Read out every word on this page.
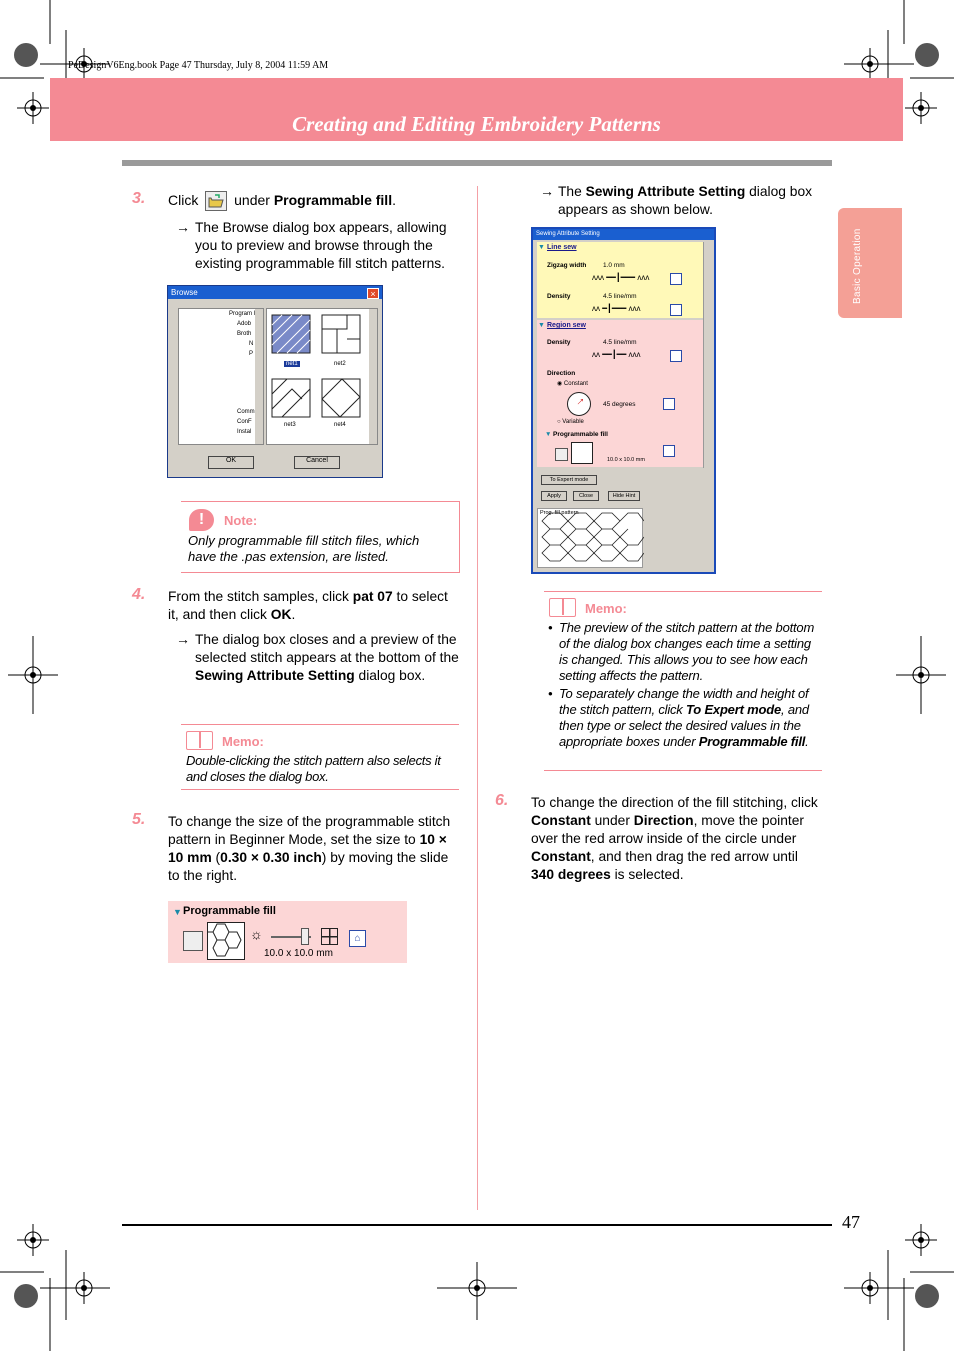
PeDesignV6Eng.book Page 47 Thursday, July 8, 2004 11:59 AM
Creating and Editing Embroidery Patterns
Basic Operation
3. Click	under Programmable fill.
→ The Browse dialog box appears, allowing you to preview and browse through the existing programmable fill stitch patterns.
Browse	×
Program I
Adob
Broth
N
P
Comm
ConF
Instal
net1	net2
net3	net4
OK	Cancel
!	Note:
Only programmable fill stitch files, which have the .pas extension, are listed.
4. From the stitch samples, click pat 07 to select it, and then click OK.
→ The dialog box closes and a preview of the selected stitch appears at the bottom of the Sewing Attribute Setting dialog box.
Memo:
Double-clicking the stitch pattern also selects it and closes the dialog box.
5. To change the size of the programmable stitch pattern in Beginner Mode, set the size to 10 × 10 mm (0.30 × 0.30 inch) by moving the slide to the right.
▼ Programmable fill
☼	⌂
10.0 x 10.0 mm
→ The Sewing Attribute Setting dialog box appears as shown below.
Sewing Attribute Setting
▼ Line sew
Zigzag width	1.0 mm
Density	4.5 line/mm
ʌʌʌ ━━┃━━━ ʌʌʌ
ʌʌ ━┃━━━ ʌʌʌ
▼ Region sew
Density	4.5 line/mm
ʌʌ ━━┃━━ ʌʌʌ
Direction
◉ Constant
↑ 45 degrees
○ Variable
▼ Programmable fill
10.0 x 10.0 mm
To Expert mode
Apply	Close	Hide Hint
Prog. fill pattern
Memo:
• The preview of the stitch pattern at the bottom of the dialog box changes each time a setting is changed. This allows you to see how each setting affects the pattern.
• To separately change the width and height of the stitch pattern, click To Expert mode, and then type or select the desired values in the appropriate boxes under Programmable fill.
6. To change the direction of the fill stitching, click Constant under Direction, move the pointer over the red arrow inside of the circle under Constant, and then drag the red arrow until 340 degrees is selected.
47
